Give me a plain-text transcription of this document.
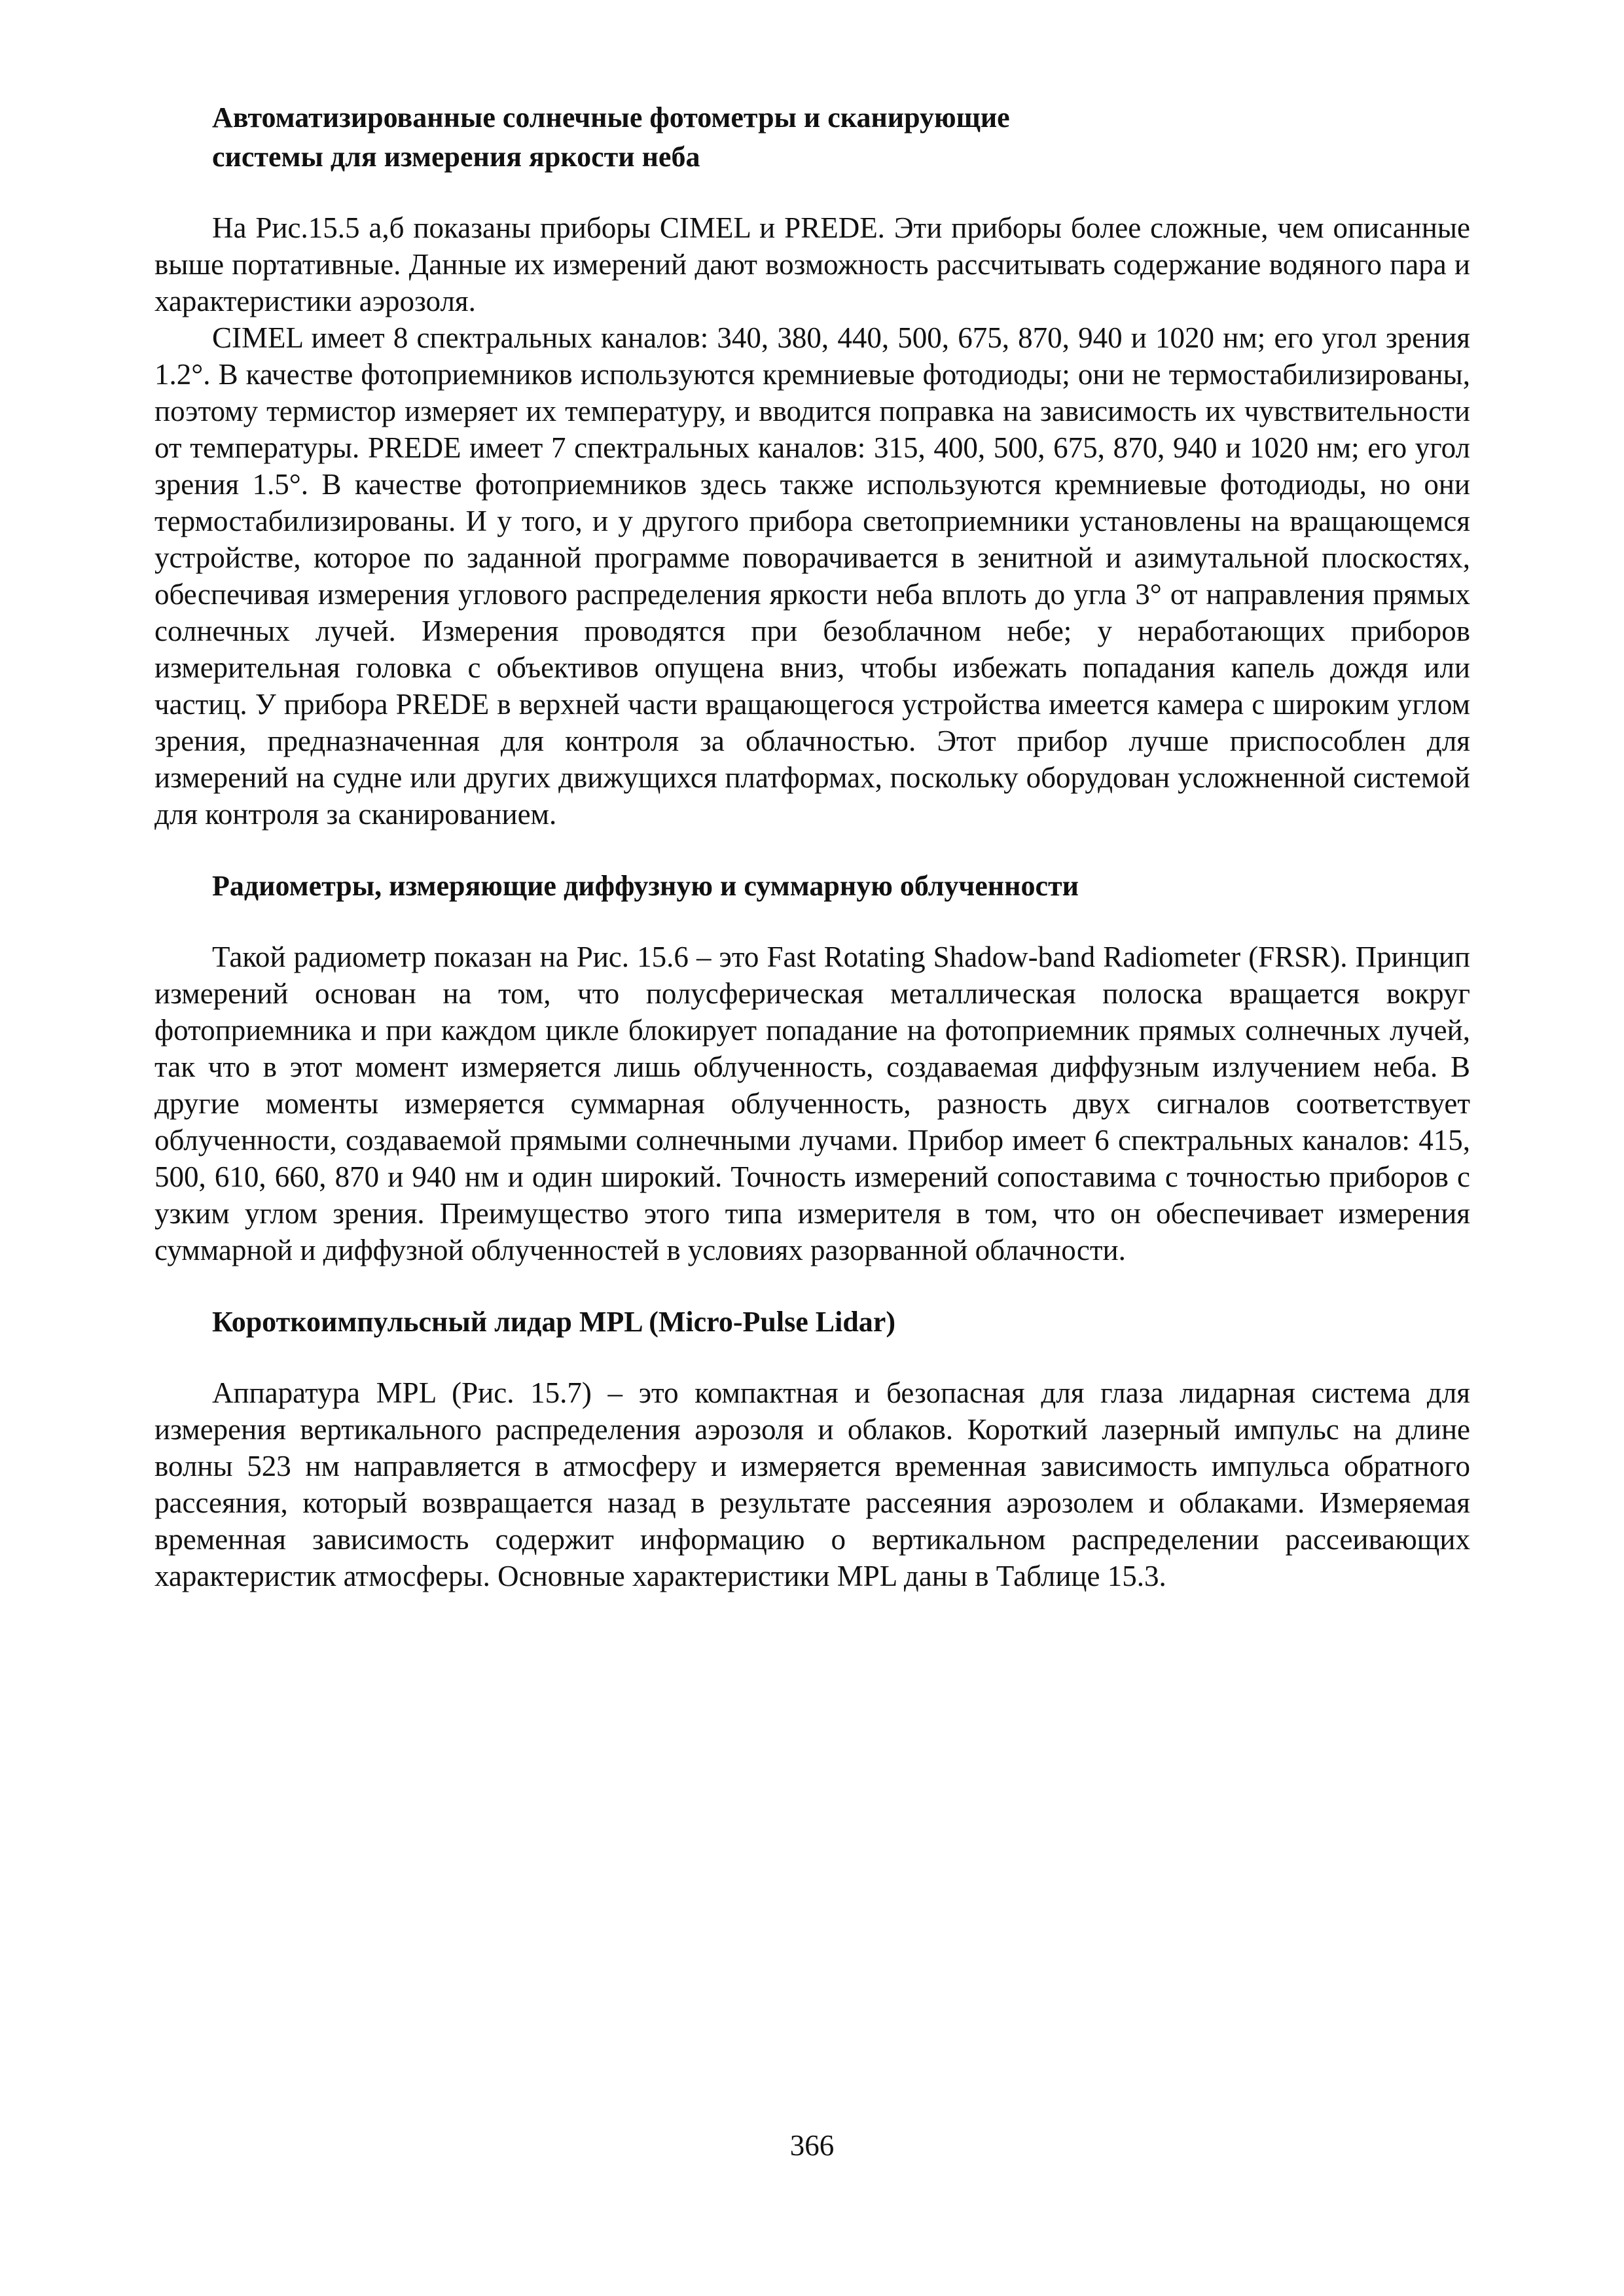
Автоматизированные солнечные фотометры и сканирующие
системы для измерения яркости неба

На Рис.15.5 а,б показаны приборы CIMEL и PREDE. Эти приборы более сложные, чем описанные выше портативные. Данные их измерений дают возможность рассчитывать содержание водяного пара и характеристики аэрозоля.

CIMEL имеет 8 спектральных каналов: 340, 380, 440, 500, 675, 870, 940 и 1020 нм; его угол зрения 1.2°. В качестве фотоприемников используются кремниевые фотодиоды; они не термостабилизированы, поэтому термистор измеряет их температуру, и вводится поправка на зависимость их чувствительности от температуры. PREDE имеет 7 спектральных каналов: 315, 400, 500, 675, 870, 940 и 1020 нм; его угол зрения 1.5°. В качестве фотоприемников здесь также используются кремниевые фотодиоды, но они термостабилизированы. И у того, и у другого прибора светоприемники установлены на вращающемся устройстве, которое по заданной программе поворачивается в зенитной и азимутальной плоскостях, обеспечивая измерения углового распределения яркости неба вплоть до угла 3° от направления прямых солнечных лучей. Измерения проводятся при безоблачном небе; у неработающих приборов измерительная головка с объективов опущена вниз, чтобы избежать попадания капель дождя или частиц. У прибора PREDE в верхней части вращающегося устройства имеется камера с широким углом зрения, предназначенная для контроля за облачностью. Этот прибор лучше приспособлен для измерений на судне или других движущихся платформах, поскольку оборудован усложненной системой для контроля за сканированием.

Радиометры, измеряющие диффузную и суммарную облученности

Такой радиометр показан на Рис. 15.6 – это Fast Rotating Shadow-band Radiometer (FRSR). Принцип измерений основан на том, что полусферическая металлическая полоска вращается вокруг фотоприемника и при каждом цикле блокирует попадание на фотоприемник прямых солнечных лучей, так что в этот момент измеряется лишь облученность, создаваемая диффузным излучением неба. В другие моменты измеряется суммарная облученность, разность двух сигналов соответствует облученности, создаваемой прямыми солнечными лучами. Прибор имеет 6 спектральных каналов: 415, 500, 610, 660, 870 и 940 нм и один широкий. Точность измерений сопоставима с точностью приборов с узким углом зрения. Преимущество этого типа измерителя в том, что он обеспечивает измерения суммарной и диффузной облученностей в условиях разорванной облачности.

Короткоимпульсный лидар MPL (Micro-Pulse Lidar)

Аппаратура MPL (Рис. 15.7) – это компактная и безопасная для глаза лидарная система для измерения вертикального распределения аэрозоля и облаков. Короткий лазерный импульс на длине волны 523 нм направляется в атмосферу и измеряется временная зависимость импульса обратного рассеяния, который возвращается назад в результате рассеяния аэрозолем и облаками. Измеряемая временная зависимость содержит информацию о вертикальном распределении рассеивающих характеристик атмосферы. Основные характеристики MPL даны в Таблице 15.3.

366
